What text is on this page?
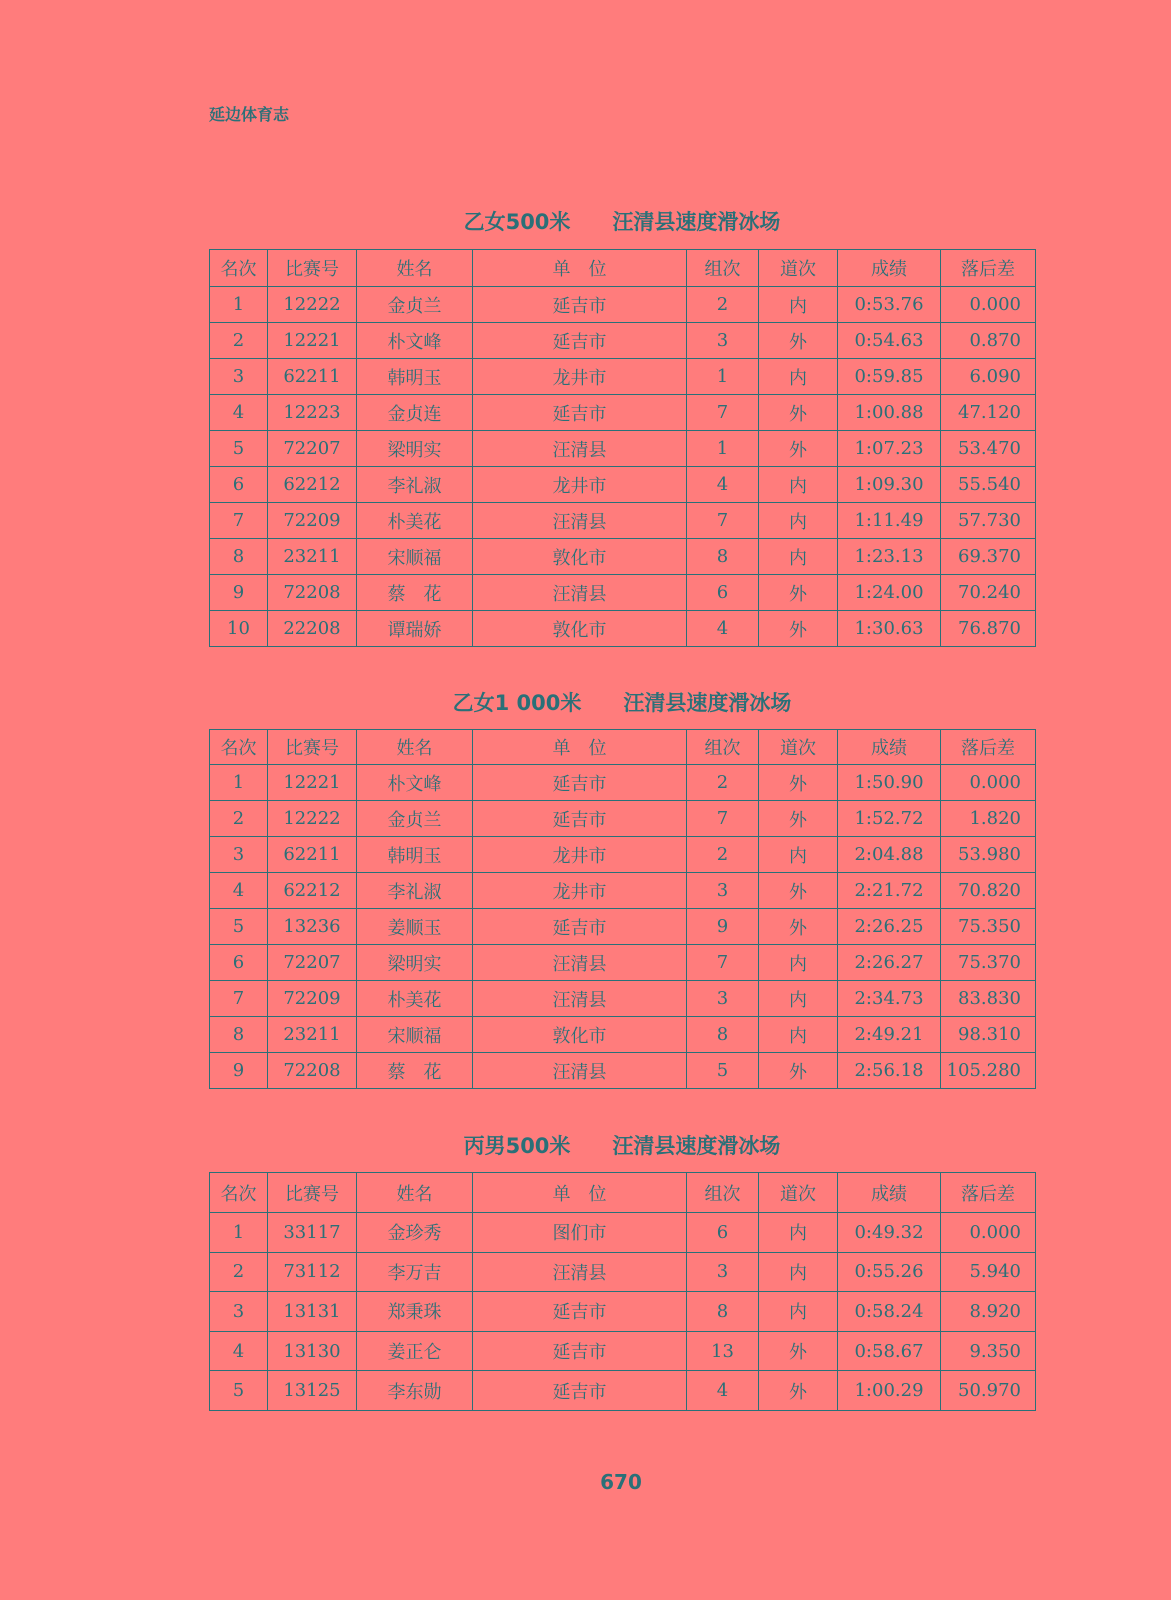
延边体育志
乙女500米　　汪清县速度滑冰场
名次	比赛号	姓名	单　位	组次	道次	成绩	落后差
1	12222	金贞兰	延吉市	2	内	0:53.76	0.000
2	12221	朴文峰	延吉市	3	外	0:54.63	0.870
3	62211	韩明玉	龙井市	1	内	0:59.85	6.090
4	12223	金贞连	延吉市	7	外	1:00.88	47.120
5	72207	梁明实	汪清县	1	外	1:07.23	53.470
6	62212	李礼淑	龙井市	4	内	1:09.30	55.540
7	72209	朴美花	汪清县	7	内	1:11.49	57.730
8	23211	宋顺福	敦化市	8	内	1:23.13	69.370
9	72208	蔡　花	汪清县	6	外	1:24.00	70.240
10	22208	谭瑞娇	敦化市	4	外	1:30.63	76.870
乙女1 000米　　汪清县速度滑冰场
名次	比赛号	姓名	单　位	组次	道次	成绩	落后差
1	12221	朴文峰	延吉市	2	外	1:50.90	0.000
2	12222	金贞兰	延吉市	7	外	1:52.72	1.820
3	62211	韩明玉	龙井市	2	内	2:04.88	53.980
4	62212	李礼淑	龙井市	3	外	2:21.72	70.820
5	13236	姜顺玉	延吉市	9	外	2:26.25	75.350
6	72207	梁明实	汪清县	7	内	2:26.27	75.370
7	72209	朴美花	汪清县	3	内	2:34.73	83.830
8	23211	宋顺福	敦化市	8	内	2:49.21	98.310
9	72208	蔡　花	汪清县	5	外	2:56.18	105.280
丙男500米　　汪清县速度滑冰场
名次	比赛号	姓名	单　位	组次	道次	成绩	落后差
1	33117	金珍秀	图们市	6	内	0:49.32	0.000
2	73112	李万吉	汪清县	3	内	0:55.26	5.940
3	13131	郑秉珠	延吉市	8	内	0:58.24	8.920
4	13130	姜正仑	延吉市	13	外	0:58.67	9.350
5	13125	李东勋	延吉市	4	外	1:00.29	50.970
670
